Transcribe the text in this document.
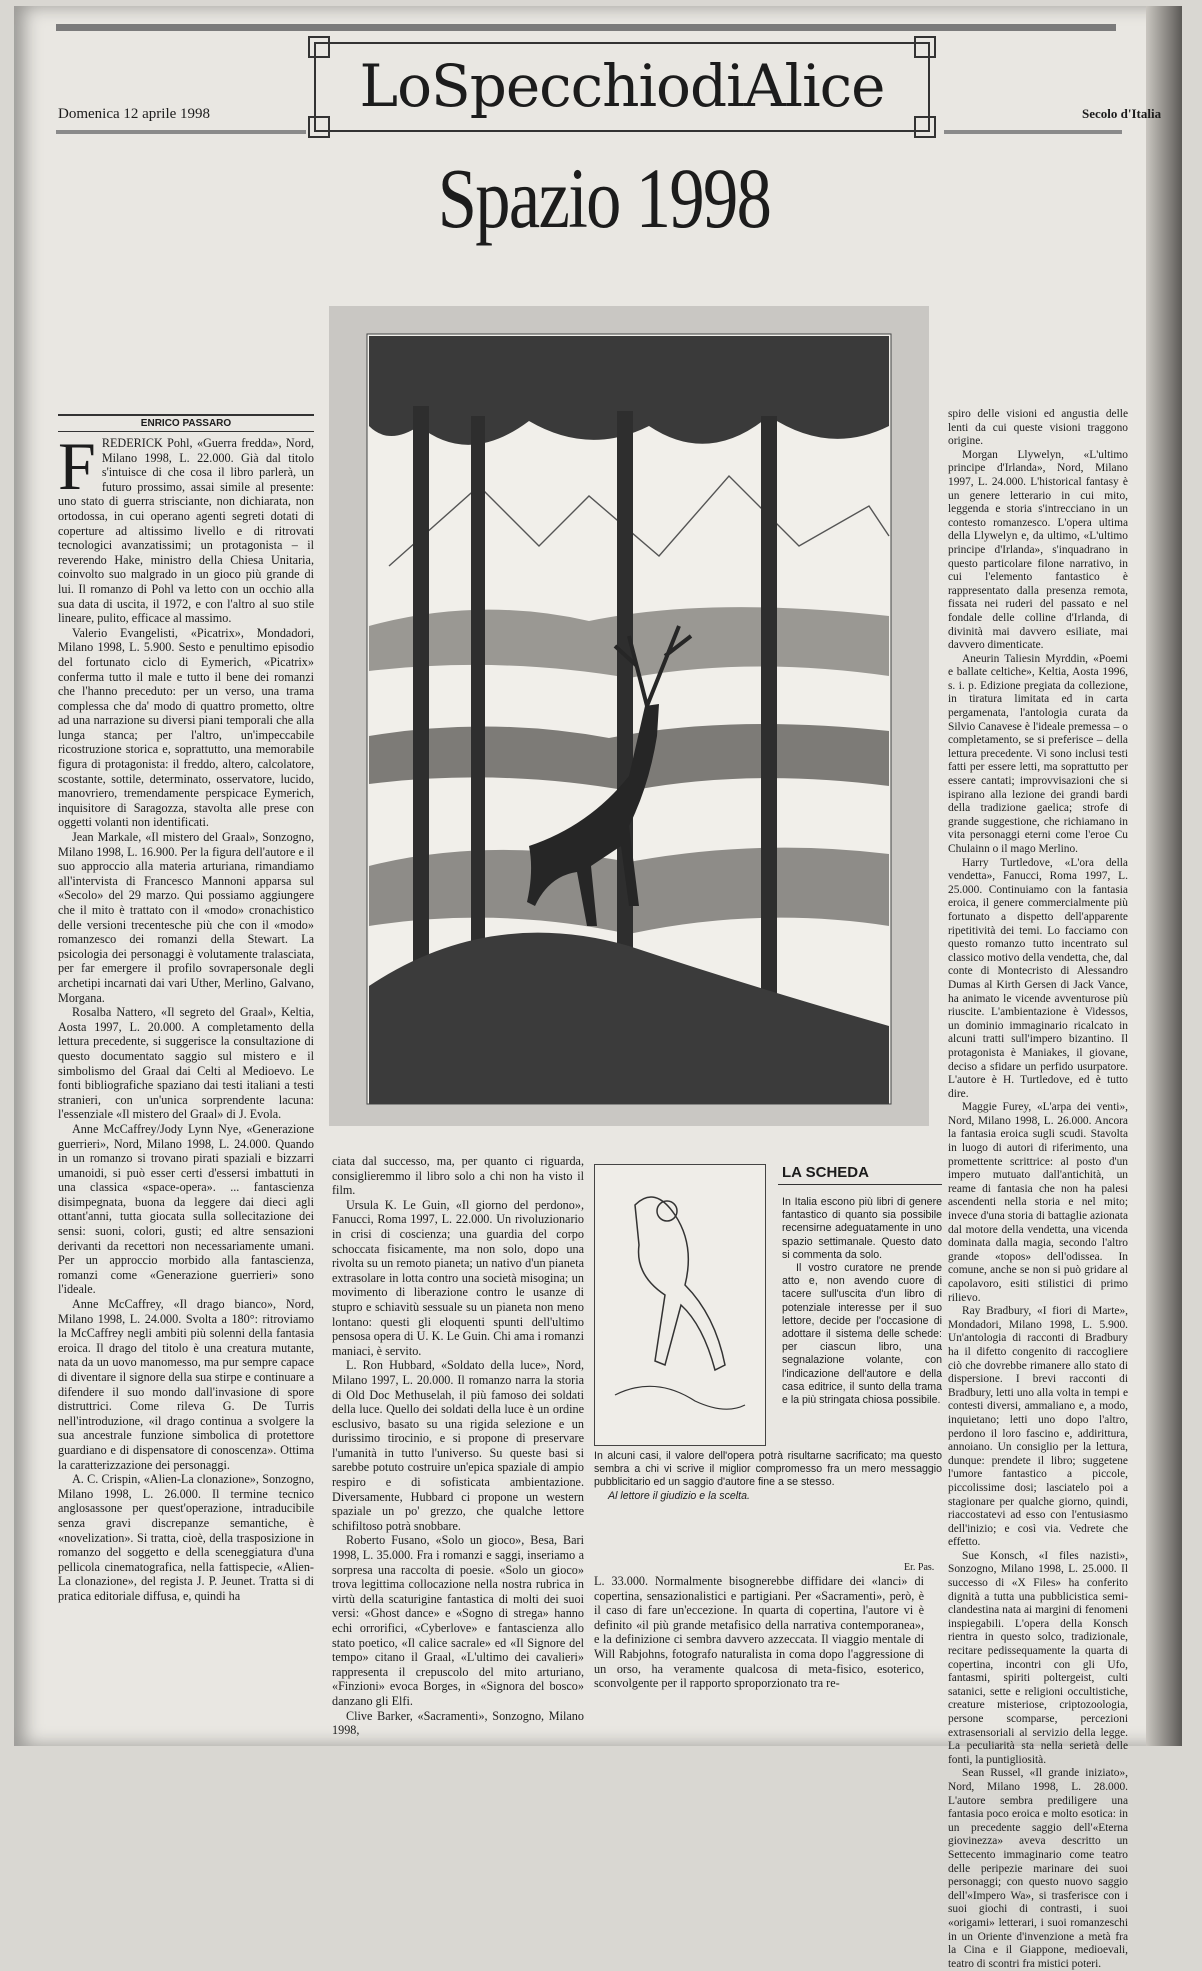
Domenica 12 aprile 1998	LoSpecchiodiAlice	Secolo d'Italia
Spazio 1998
ENRICO PASSARO
F REDERICK Pohl, «Guerra fredda», Nord, Milano 1998, L. 22.000. Già dal titolo s'intuisce di che cosa il libro parlerà, un futuro prossimo, assai simile al presente: uno stato di guerra strisciante, non dichiarata, non ortodossa, in cui operano agenti segreti dotati di coperture ad altissimo livello e di ritrovati tecnologici avanzatissimi; un protagonista – il reverendo Hake, ministro della Chiesa Unitaria, coinvolto suo malgrado in un gioco più grande di lui. Il romanzo di Pohl va letto con un occhio alla sua data di uscita, il 1972, e con l'altro al suo stile lineare, pulito, efficace al massimo.

Valerio Evangelisti, «Picatrix», Mondadori, Milano 1998, L. 5.900. Sesto e penultimo episodio del fortunato ciclo di Eymerich, «Picatrix» conferma tutto il male e tutto il bene dei romanzi che l'hanno preceduto: per un verso, una trama complessa che da' modo di quattro prometto, oltre ad una narrazione su diversi piani temporali che alla lunga stanca; per l'altro, un'impeccabile ricostruzione storica e, soprattutto, una memorabile figura di protagonista: il freddo, altero, calcolatore, scostante, sottile, determinato, osservatore, lucido, manovriero, tremendamente perspicace Eymerich, inquisitore di Saragozza, stavolta alle prese con oggetti volanti non identificati.

Jean Markale, «Il mistero del Graal», Sonzogno, Milano 1998, L. 16.900. Per la figura dell'autore e il suo approccio alla materia arturiana, rimandiamo all'intervista di Francesco Mannoni apparsa sul «Secolo» del 29 marzo. Qui possiamo aggiungere che il mito è trattato con il «modo» cronachistico delle versioni trecentesche più che con il «modo» romanzesco dei romanzi della Stewart. La psicologia dei personaggi è volutamente tralasciata, per far emergere il profilo sovrapersonale degli archetipi incarnati dai vari Uther, Merlino, Galvano, Morgana.

Rosalba Nattero, «Il segreto del Graal», Keltia, Aosta 1997, L. 20.000. A completamento della lettura precedente, si suggerisce la consultazione di questo documentato saggio sul mistero e il simbolismo del Graal dai Celti al Medioevo. Le fonti bibliografiche spaziano dai testi italiani a testi stranieri, con un'unica sorprendente lacuna: l'essenziale «Il mistero del Graal» di J. Evola.

Anne McCaffrey/Jody Lynn Nye, «Generazione guerrieri», Nord, Milano 1998, L. 24.000. Quando in un romanzo si trovano pirati spaziali e bizzarri umanoidi, si può esser certi d'essersi imbattuti in una classica «space-opera». ... fantascienza disimpegnata, buona da leggere dai dieci agli ottant'anni, tutta giocata sulla sollecitazione dei sensi: suoni, colori, gusti; ed altre sensazioni derivanti da recettori non necessariamente umani. Per un approccio morbido alla fantascienza, romanzi come «Generazione guerrieri» sono l'ideale.

Anne McCaffrey, «Il drago bianco», Nord, Milano 1998, L. 24.000. Svolta a 180°: ritroviamo la McCaffrey negli ambiti più solenni della fantasia eroica. Il drago del titolo è una creatura mutante, nata da un uovo manomesso, ma pur sempre capace di diventare il signore della sua stirpe e continuare a difendere il suo mondo dall'invasione di spore distruttrici. Come rileva G. De Turris nell'introduzione, «il drago continua a svolgere la sua ancestrale funzione simbolica di protettore guardiano e di dispensatore di conoscenza». Ottima la caratterizzazione dei personaggi.

A. C. Crispin, «Alien-La clonazione», Sonzogno, Milano 1998, L. 26.000. Il termine tecnico anglosassone per quest'operazione, intraducibile senza gravi discrepanze semantiche, è «novelization». Si tratta, cioè, della trasposizione in romanzo del soggetto e della sceneggiatura d'una pellicola cinematografica, nella fattispecie, «Alien-La clonazione», del regista J. P. Jeunet. Tratta si di pratica editoriale diffusa, e, quindi ha

ciata dal successo, ma, per quanto ci riguarda, consiglieremmo il libro solo a chi non ha visto il film.

Ursula K. Le Guin, «Il giorno del perdono», Fanucci, Roma 1997, L. 22.000. Un rivoluzionario in crisi di coscienza; una guardia del corpo schoccata fisicamente, ma non solo, dopo una rivolta su un remoto pianeta; un nativo d'un pianeta extrasolare in lotta contro una società misogina; un movimento di liberazione contro le usanze di stupro e schiavitù sessuale su un pianeta non meno lontano: questi gli eloquenti spunti dell'ultimo pensosa opera di U. K. Le Guin. Chi ama i romanzi maniaci, è servito.

L. Ron Hubbard, «Soldato della luce», Nord, Milano 1997, L. 20.000. Il romanzo narra la storia di Old Doc Methuselah, il più famoso dei soldati della luce. Quello dei soldati della luce è un ordine esclusivo, basato su una rigida selezione e un durissimo tirocinio, e si propone di preservare l'umanità in tutto l'universo. Su queste basi si sarebbe potuto costruire un'epica spaziale di ampio respiro e di sofisticata ambientazione. Diversamente, Hubbard ci propone un western spaziale un po' grezzo, che qualche lettore schifiltoso potrà snobbare.

Roberto Fusano, «Solo un gioco», Besa, Bari 1998, L. 35.000. Fra i romanzi e saggi, inseriamo a sorpresa una raccolta di poesie. «Solo un gioco» trova legittima collocazione nella nostra rubrica in virtù della scaturigine fantastica di molti dei suoi versi: «Ghost dance» e «Sogno di strega» hanno echi orrorifici, «Cyberlove» e fantascienza allo stato poetico, «Il calice sacrale» ed «Il Signore del tempo» citano il Graal, «L'ultimo dei cavalieri» rappresenta il crepuscolo del mito arturiano, «Finzioni» evoca Borges, in «Signora del bosco» danzano gli Elfi.

Clive Barker, «Sacramenti», Sonzogno, Milano 1998,

LA SCHEDA

In Italia escono più libri di genere fantastico di quanto sia possibile recensirne adeguatamente in uno spazio settimanale. Questo dato si commenta da solo.

Il vostro curatore ne prende atto e, non avendo cuore di tacere sull'uscita d'un libro di potenziale interesse per il suo lettore, decide per l'occasione di adottare il sistema delle schede: per ciascun libro, una segnalazione volante, con l'indicazione dell'autore e della casa editrice, il sunto della trama e la più stringata chiosa possibile.

In alcuni casi, il valore dell'opera potrà risultarne sacrificato; ma questo sembra a chi vi scrive il miglior compromesso fra un mero messaggio pubblicitario ed un saggio d'autore fine a se stesso.

Al lettore il giudizio e la scelta.

Er. Pas.

L. 33.000. Normalmente bisognerebbe diffidare dei «lanci» di copertina, sensazionalistici e partigiani. Per «Sacramenti», però, è il caso di fare un'eccezione. In quarta di copertina, l'autore vi è definito «il più grande metafisico della narrativa contemporanea», e la definizione ci sembra davvero azzeccata. Il viaggio mentale di Will Rabjohns, fotografo naturalista in coma dopo l'aggressione di un orso, ha veramente qualcosa di meta-fisico, esoterico, sconvolgente per il rapporto sproporzionato tra re-

spiro delle visioni ed angustia delle lenti da cui queste visioni traggono origine.

Morgan Llywelyn, «L'ultimo principe d'Irlanda», Nord, Milano 1997, L. 24.000. L'historical fantasy è un genere letterario in cui mito, leggenda e storia s'intrecciano in un contesto romanzesco. L'opera ultima della Llywelyn e, da ultimo, «L'ultimo principe d'Irlanda», s'inquadrano in questo particolare filone narrativo, in cui l'elemento fantastico è rappresentato dalla presenza remota, fissata nei ruderi del passato e nel fondale delle colline d'Irlanda, di divinità mai davvero esiliate, mai davvero dimenticate.

Aneurin Taliesin Myrddin, «Poemi e ballate celtiche», Keltia, Aosta 1996, s. i. p. Edizione pregiata da collezione, in tiratura limitata ed in carta pergamenata, l'antologia curata da Silvio Canavese è l'ideale premessa – o completamento, se si preferisce – della lettura precedente. Vi sono inclusi testi fatti per essere letti, ma soprattutto per essere cantati; improvvisazioni che si ispirano alla lezione dei grandi bardi della tradizione gaelica; strofe di grande suggestione, che richiamano in vita personaggi eterni come l'eroe Cu Chulainn o il mago Merlino.

Harry Turtledove, «L'ora della vendetta», Fanucci, Roma 1997, L. 25.000. Continuiamo con la fantasia eroica, il genere commercialmente più fortunato a dispetto dell'apparente ripetitività dei temi. Lo facciamo con questo romanzo tutto incentrato sul classico motivo della vendetta, che, dal conte di Montecristo di Alessandro Dumas al Kirth Gersen di Jack Vance, ha animato le vicende avventurose più riuscite. L'ambientazione è Videssos, un dominio immaginario ricalcato in alcuni tratti sull'impero bizantino. Il protagonista è Maniakes, il giovane, deciso a sfidare un perfido usurpatore. L'autore è H. Turtledove, ed è tutto dire.

Maggie Furey, «L'arpa dei venti», Nord, Milano 1998, L. 26.000. Ancora la fantasia eroica sugli scudi. Stavolta in luogo di autori di riferimento, una promettente scrittrice: al posto d'un impero mutuato dall'antichità, un reame di fantasia che non ha palesi ascendenti nella storia e nel mito; invece d'una storia di battaglie azionata dal motore della vendetta, una vicenda dominata dalla magia, secondo l'altro grande «topos» dell'odissea. In comune, anche se non si può gridare al capolavoro, esiti stilistici di primo rilievo.

Ray Bradbury, «I fiori di Marte», Mondadori, Milano 1998, L. 5.900. Un'antologia di racconti di Bradbury ha il difetto congenito di raccogliere ciò che dovrebbe rimanere allo stato di dispersione. I brevi racconti di Bradbury, letti uno alla volta in tempi e contesti diversi, ammaliano e, a modo, inquietano; letti uno dopo l'altro, perdono il loro fascino e, addirittura, annoiano. Un consiglio per la lettura, dunque: prendete il libro; suggetene l'umore fantastico a piccole, piccolissime dosi; lasciatelo poi a stagionare per qualche giorno, quindi, riaccostatevi ad esso con l'entusiasmo dell'inizio; e così via. Vedrete che effetto.

Sue Konsch, «I files nazisti», Sonzogno, Milano 1998, L. 25.000. Il successo di «X Files» ha conferito dignità a tutta una pubblicistica semi-clandestina nata ai margini di fenomeni inspiegabili. L'opera della Konsch rientra in questo solco, tradizionale, recitare pedissequamente la quarta di copertina, incontri con gli Ufo, fantasmi, spiriti poltergeist, culti satanici, sette e religioni occultistiche, creature misteriose, criptozoologia, persone scomparse, percezioni extrasensoriali al servizio della legge. La peculiarità sta nella serietà delle fonti, la puntigliosità.

Sean Russel, «Il grande iniziato», Nord, Milano 1998, L. 28.000. L'autore sembra prediligere una fantasia poco eroica e molto esotica: in un precedente saggio dell'«Eterna giovinezza» aveva descritto un Settecento immaginario come teatro delle peripezie marinare dei suoi personaggi; con questo nuovo saggio dell'«Impero Wa», si trasferisce con i suoi giochi di contrasti, i suoi «origami» letterari, i suoi romanzeschi in un Oriente d'invenzione a metà fra la Cina e il Giappone, medioevali, teatro di scontri fra mistici poteri.
